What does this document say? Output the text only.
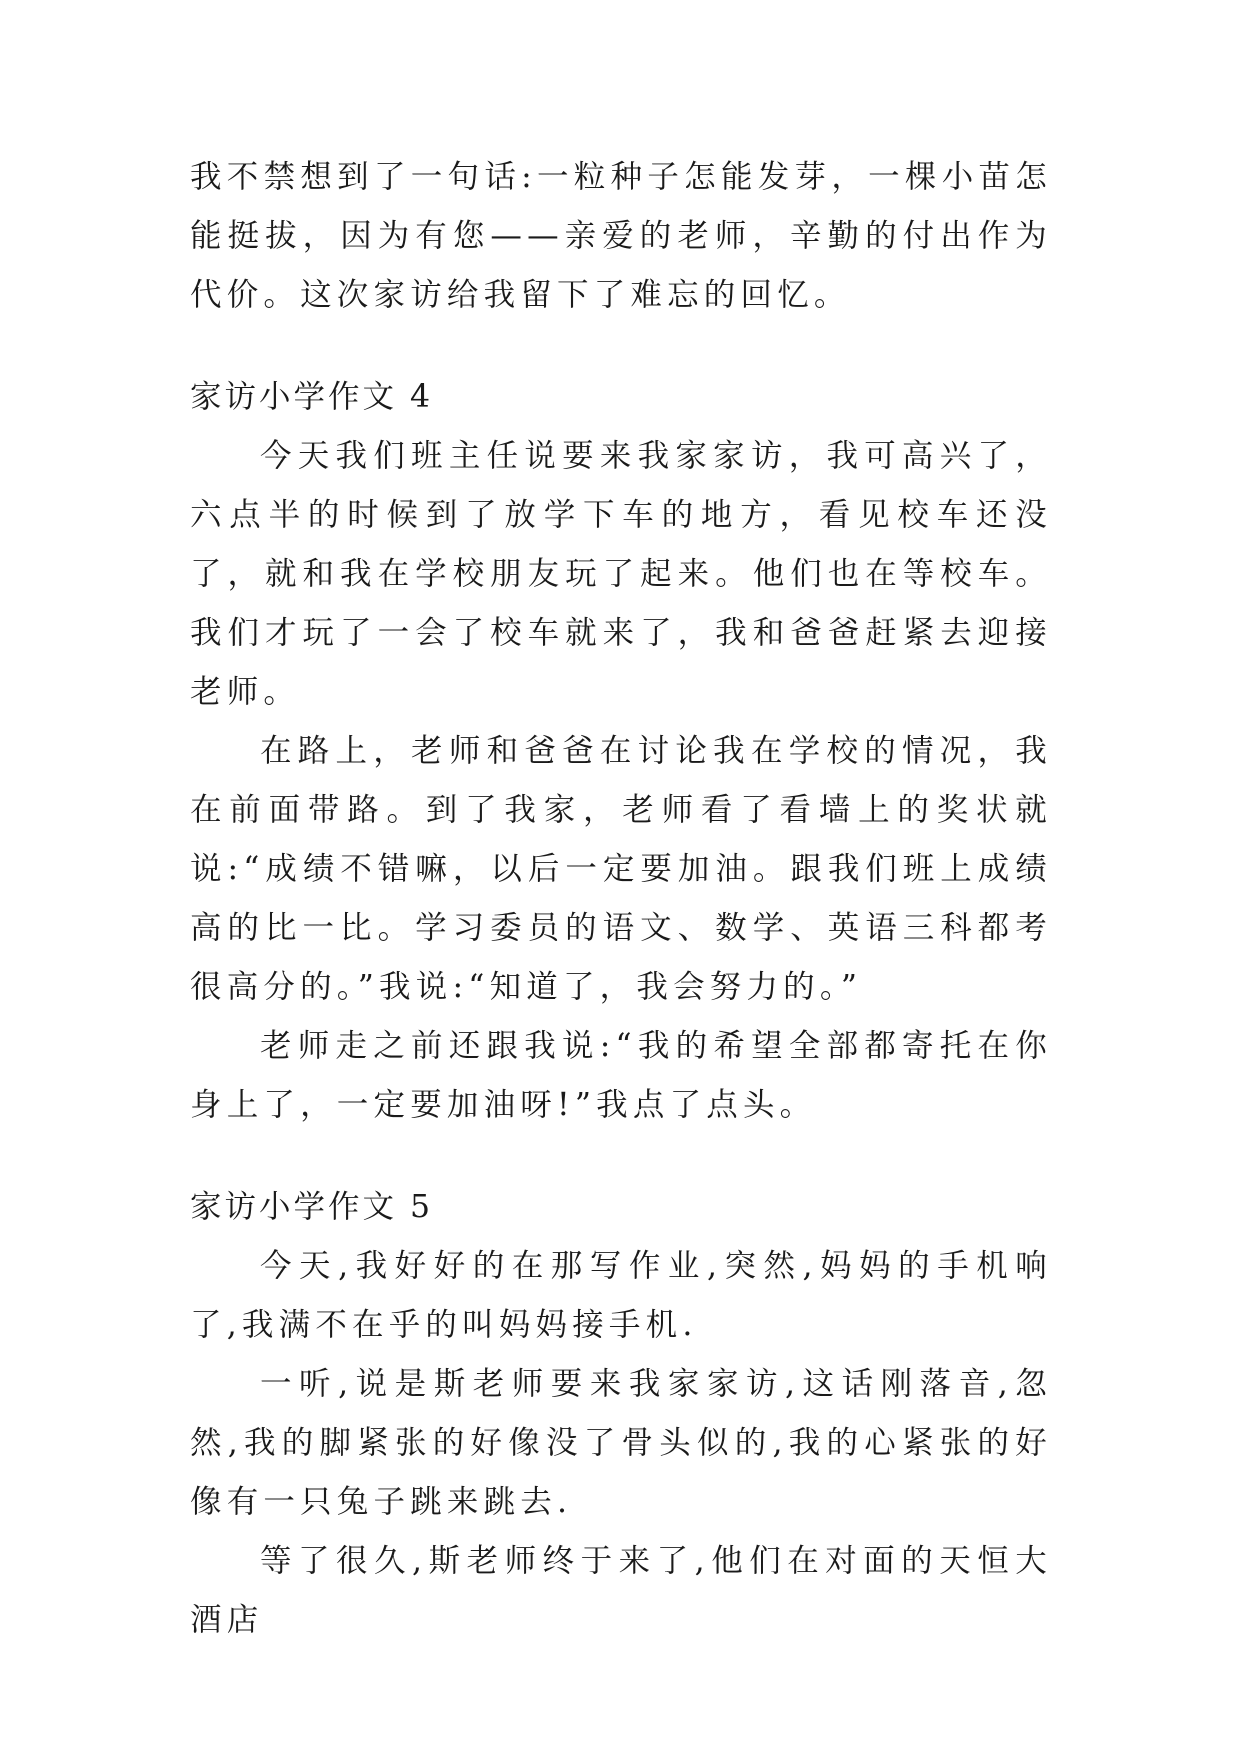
我不禁想到了一句话:一粒种子怎能发芽，一棵小苗怎能挺拔，因为有您——亲爱的老师，辛勤的付出作为代价。这次家访给我留下了难忘的回忆。

家访小学作文 4

今天我们班主任说要来我家家访，我可高兴了，六点半的时候到了放学下车的地方，看见校车还没了，就和我在学校朋友玩了起来。他们也在等校车。我们才玩了一会了校车就来了，我和爸爸赶紧去迎接老师。

在路上，老师和爸爸在讨论我在学校的情况，我在前面带路。到了我家，老师看了看墙上的奖状就说:“成绩不错嘛，以后一定要加油。跟我们班上成绩高的比一比。学习委员的语文、数学、英语三科都考很高分的。”我说:“知道了，我会努力的。”

老师走之前还跟我说:“我的希望全部都寄托在你身上了，一定要加油呀!”我点了点头。

家访小学作文 5

今天,我好好的在那写作业,突然,妈妈的手机响了,我满不在乎的叫妈妈接手机.

一听,说是斯老师要来我家家访,这话刚落音,忽然,我的脚紧张的好像没了骨头似的,我的心紧张的好像有一只兔子跳来跳去.

等了很久,斯老师终于来了,他们在对面的天恒大酒店
